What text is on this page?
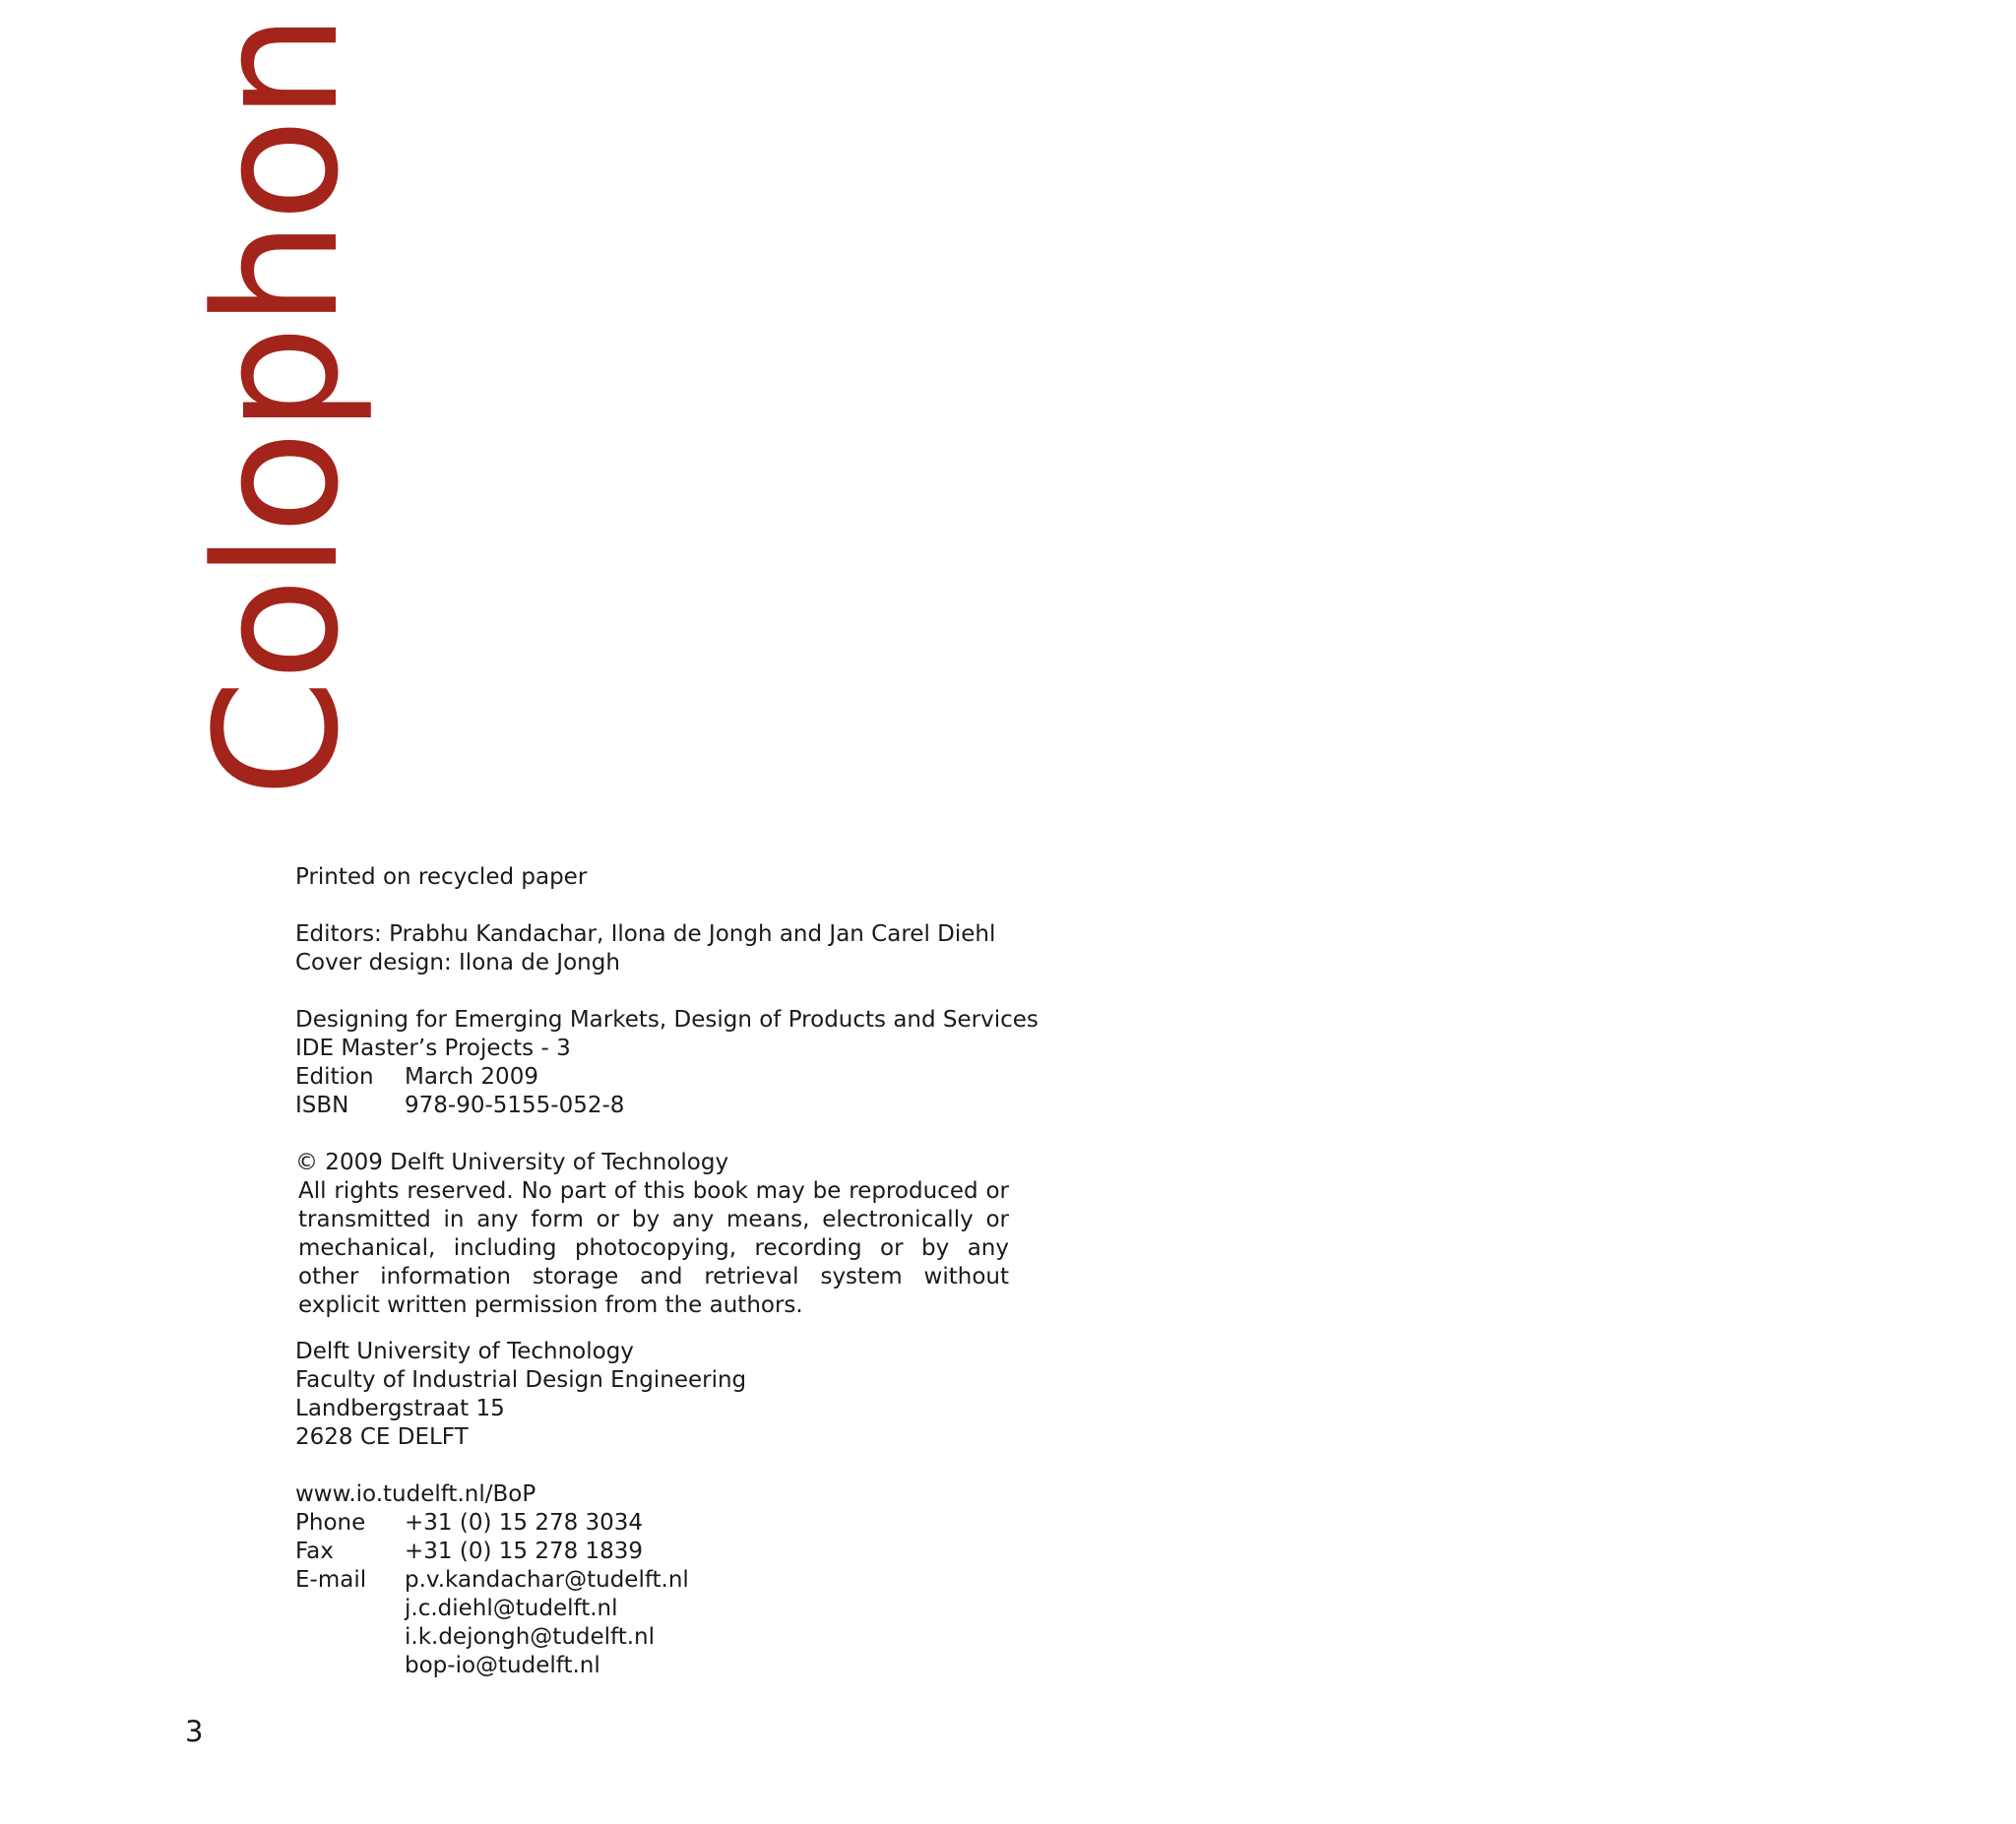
Colophon
Printed on recycled paper
Editors: Prabhu Kandachar, Ilona de Jongh and Jan Carel Diehl
Cover design: Ilona de Jongh
Designing for Emerging Markets, Design of Products and Services
IDE Master’s Projects - 3
Edition	March 2009
ISBN	978-90-5155-052-8
© 2009 Delft University of Technology
All rights reserved. No part of this book may be reproduced or transmitted in any form or by any means, electronically or mechanical, including photocopying, recording or by any other information storage and retrieval system without explicit written permission from the authors.
Delft University of Technology
Faculty of Industrial Design Engineering
Landbergstraat 15
2628 CE DELFT
www.io.tudelft.nl/BoP
Phone	+31 (0) 15 278 3034
Fax	+31 (0) 15 278 1839
E-mail	p.v.kandachar@tudelft.nl
j.c.diehl@tudelft.nl
i.k.dejongh@tudelft.nl
bop-io@tudelft.nl
3
